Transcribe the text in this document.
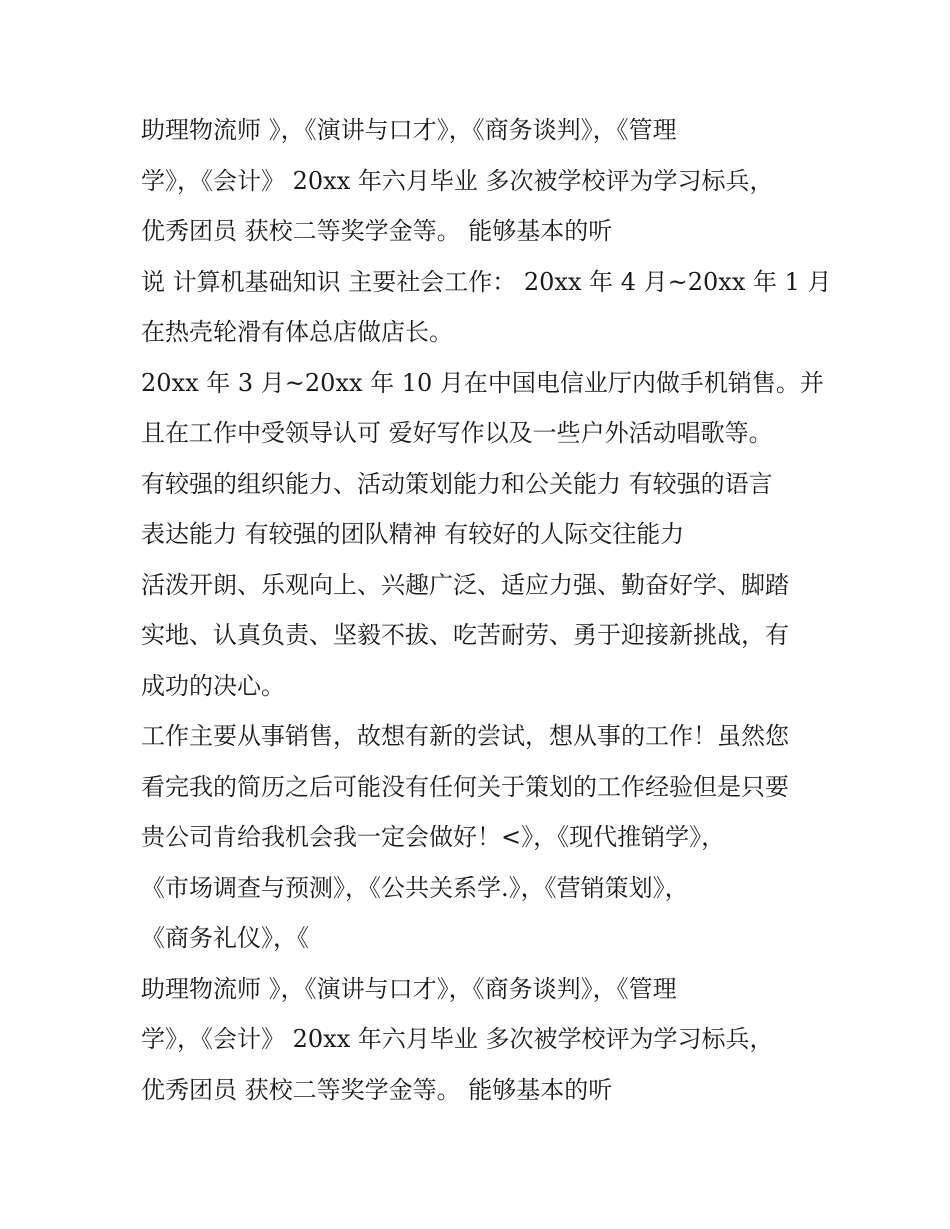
助理物流师 》，《演讲与口才》，《商务谈判》，《管理
学》，《会计》 20xx 年六月毕业 多次被学校评为学习标兵，
优秀团员 获校二等奖学金等。 能够基本的听
说 计算机基础知识 主要社会工作： 20xx 年 4 月~20xx 年 1 月
在热壳轮滑有体总店做店长。
20xx 年 3 月~20xx 年 10 月在中国电信业厅内做手机销售。并
且在工作中受领导认可 爱好写作以及一些户外活动唱歌等。
有较强的组织能力、活动策划能力和公关能力 有较强的语言
表达能力 有较强的团队精神 有较好的人际交往能力
活泼开朗、乐观向上、兴趣广泛、适应力强、勤奋好学、脚踏
实地、认真负责、坚毅不拔、吃苦耐劳、勇于迎接新挑战，有
成功的决心。
工作主要从事销售，故想有新的尝试，想从事的工作！虽然您
看完我的简历之后可能没有任何关于策划的工作经验但是只要
贵公司肯给我机会我一定会做好！<》，《现代推销学》，
《市场调查与预测》，《公共关系学.》，《营销策划》，
《商务礼仪》，《
助理物流师 》，《演讲与口才》，《商务谈判》，《管理
学》，《会计》 20xx 年六月毕业 多次被学校评为学习标兵，
优秀团员 获校二等奖学金等。 能够基本的听
